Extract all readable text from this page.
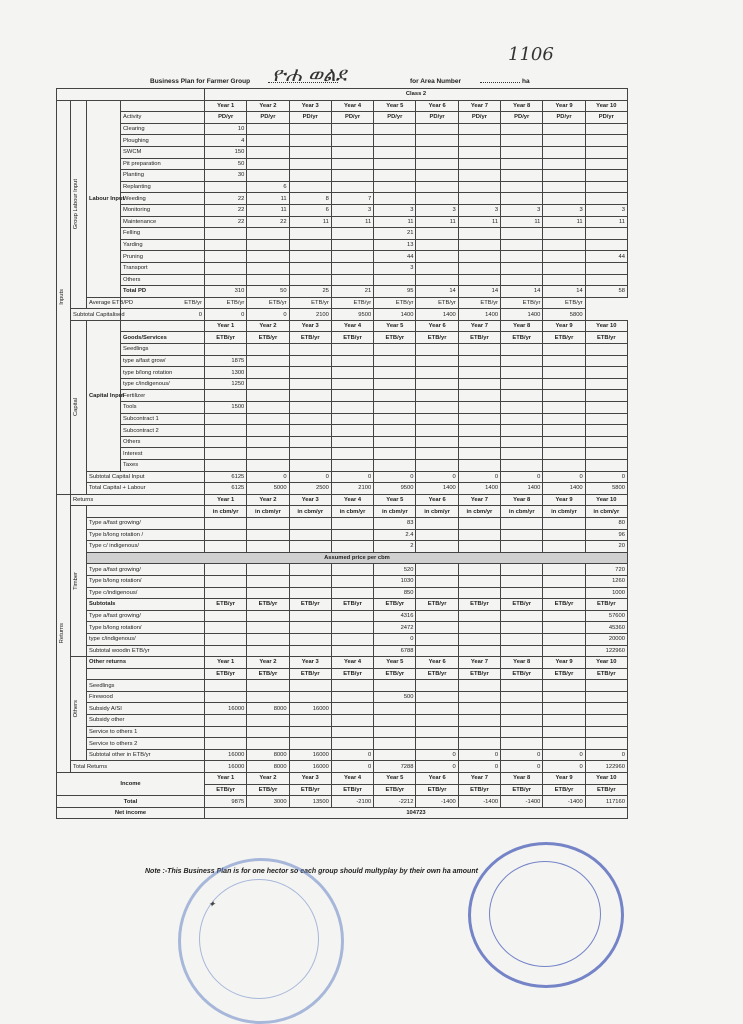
1106
Business Plan for Farmer Group ዮሐ ወልደ	for Area Number	ha
				Class 2									

Inputs	Group Labour Input	Labour Input		Year 1	Year 2	Year 3	Year 4	Year 5	Year 6	Year 7	Year 8	Year 9	Year 10
			Activity	PD/yr	PD/yr	PD/yr	PD/yr	PD/yr	PD/yr	PD/yr	PD/yr	PD/yr	PD/yr
			Clearing	10									
			Ploughing	4									
			SWCM	150									
			Pit preparation	50									
			Planting	30									
			Replanting		6								
			Weeding	22	11	8	7						
			Monitoring	22	11	6	3	3	3	3	3	3	3
			Maintenance	22	22	11	11	11	11	11	11	11	11
			Felling					21					
			Yarding					13					
			Pruning					44					44
			Transport					3					
			Others										
			Total PD	310	50	25	21	95	14	14	14	14	58
		Average ETB/PD	ETB/yr	ETB/yr	ETB/yr	ETB/yr	ETB/yr	ETB/yr	ETB/yr	ETB/yr	ETB/yr	ETB/yr	
	Subtotal Capitalised		0	0	0	2100	9500	1400	1400	1400	1400	5800	

	Capital	Capital Input		Year 1	Year 2	Year 3	Year 4	Year 5	Year 6	Year 7	Year 8	Year 9	Year 10
			Goods/Services	ETB/yr	ETB/yr	ETB/yr	ETB/yr	ETB/yr	ETB/yr	ETB/yr	ETB/yr	ETB/yr	ETB/yr
			Seedlings										
			type a/fast grow/	1875									
			type b/long rotation	1300									
			type c/indigenous/	1250									
			Fertilizer										
			Tools	1500									
			Subcontract 1										
			Subcontract 2										
			Others										
			Interest										
			Taxes										
		Subtotal Capital Input		6125	0	0	0	0	0	0	0	0	0
		Total Capital + Labour		6125	5000	2500	2100	9500	1400	1400	1400	1400	5800

Returns	Returns			Year 1	Year 2	Year 3	Year 4	Year 5	Year 6	Year 7	Year 8	Year 9	Year 10

	Timber			in cbm/yr	in cbm/yr	in cbm/yr	in cbm/yr	in cbm/yr	in cbm/yr	in cbm/yr	in cbm/yr	in cbm/yr	in cbm/yr
		Type a/fast growing/						83					80
		Type b/long rotation /						2.4					96
		Type c/ indigenous/						2					20
		Assumed price per cbm											
		Type a/fast growing/						520					720
		Type b/long rotation/						1030					1260
		Type c/indigenous/						850					1000
		Subtotals		ETB/yr	ETB/yr	ETB/yr	ETB/yr	ETB/yr	ETB/yr	ETB/yr	ETB/yr	ETB/yr	ETB/yr
		Type a/fast growing/						4316					57600
		Type b/long rotation/						2472					45360
		type c/indigenous/						0					20000
		Subtotal woodin ETB/yr						6788					122960

	Others	Other returns		Year 1	Year 2	Year 3	Year 4	Year 5	Year 6	Year 7	Year 8	Year 9	Year 10
				ETB/yr	ETB/yr	ETB/yr	ETB/yr	ETB/yr	ETB/yr	ETB/yr	ETB/yr	ETB/yr	ETB/yr
		Seedlings											
		Firewood						500					
		Subsidy A/SI		16000	8000	16000							
		Subsidy other											
		Service to others 1											
		Service to others 2											
		Subtotal other in ETB/yr		16000	8000	16000	0		0	0	0	0	0
	Total Returns			16000	8000	16000	0	7288	0	0	0	0	122960
Income				Year 1	Year 2	Year 3	Year 4	Year 5	Year 6	Year 7	Year 8	Year 9	Year 10
				ETB/yr	ETB/yr	ETB/yr	ETB/yr	ETB/yr	ETB/yr	ETB/yr	ETB/yr	ETB/yr	ETB/yr
Total				9875	3000	13500	-2100	-2212	-1400	-1400	-1400	-1400	117160
Net income				104723									
Note :-This Business Plan is for one hector so each group should multyplay by their own ha amount
✦
